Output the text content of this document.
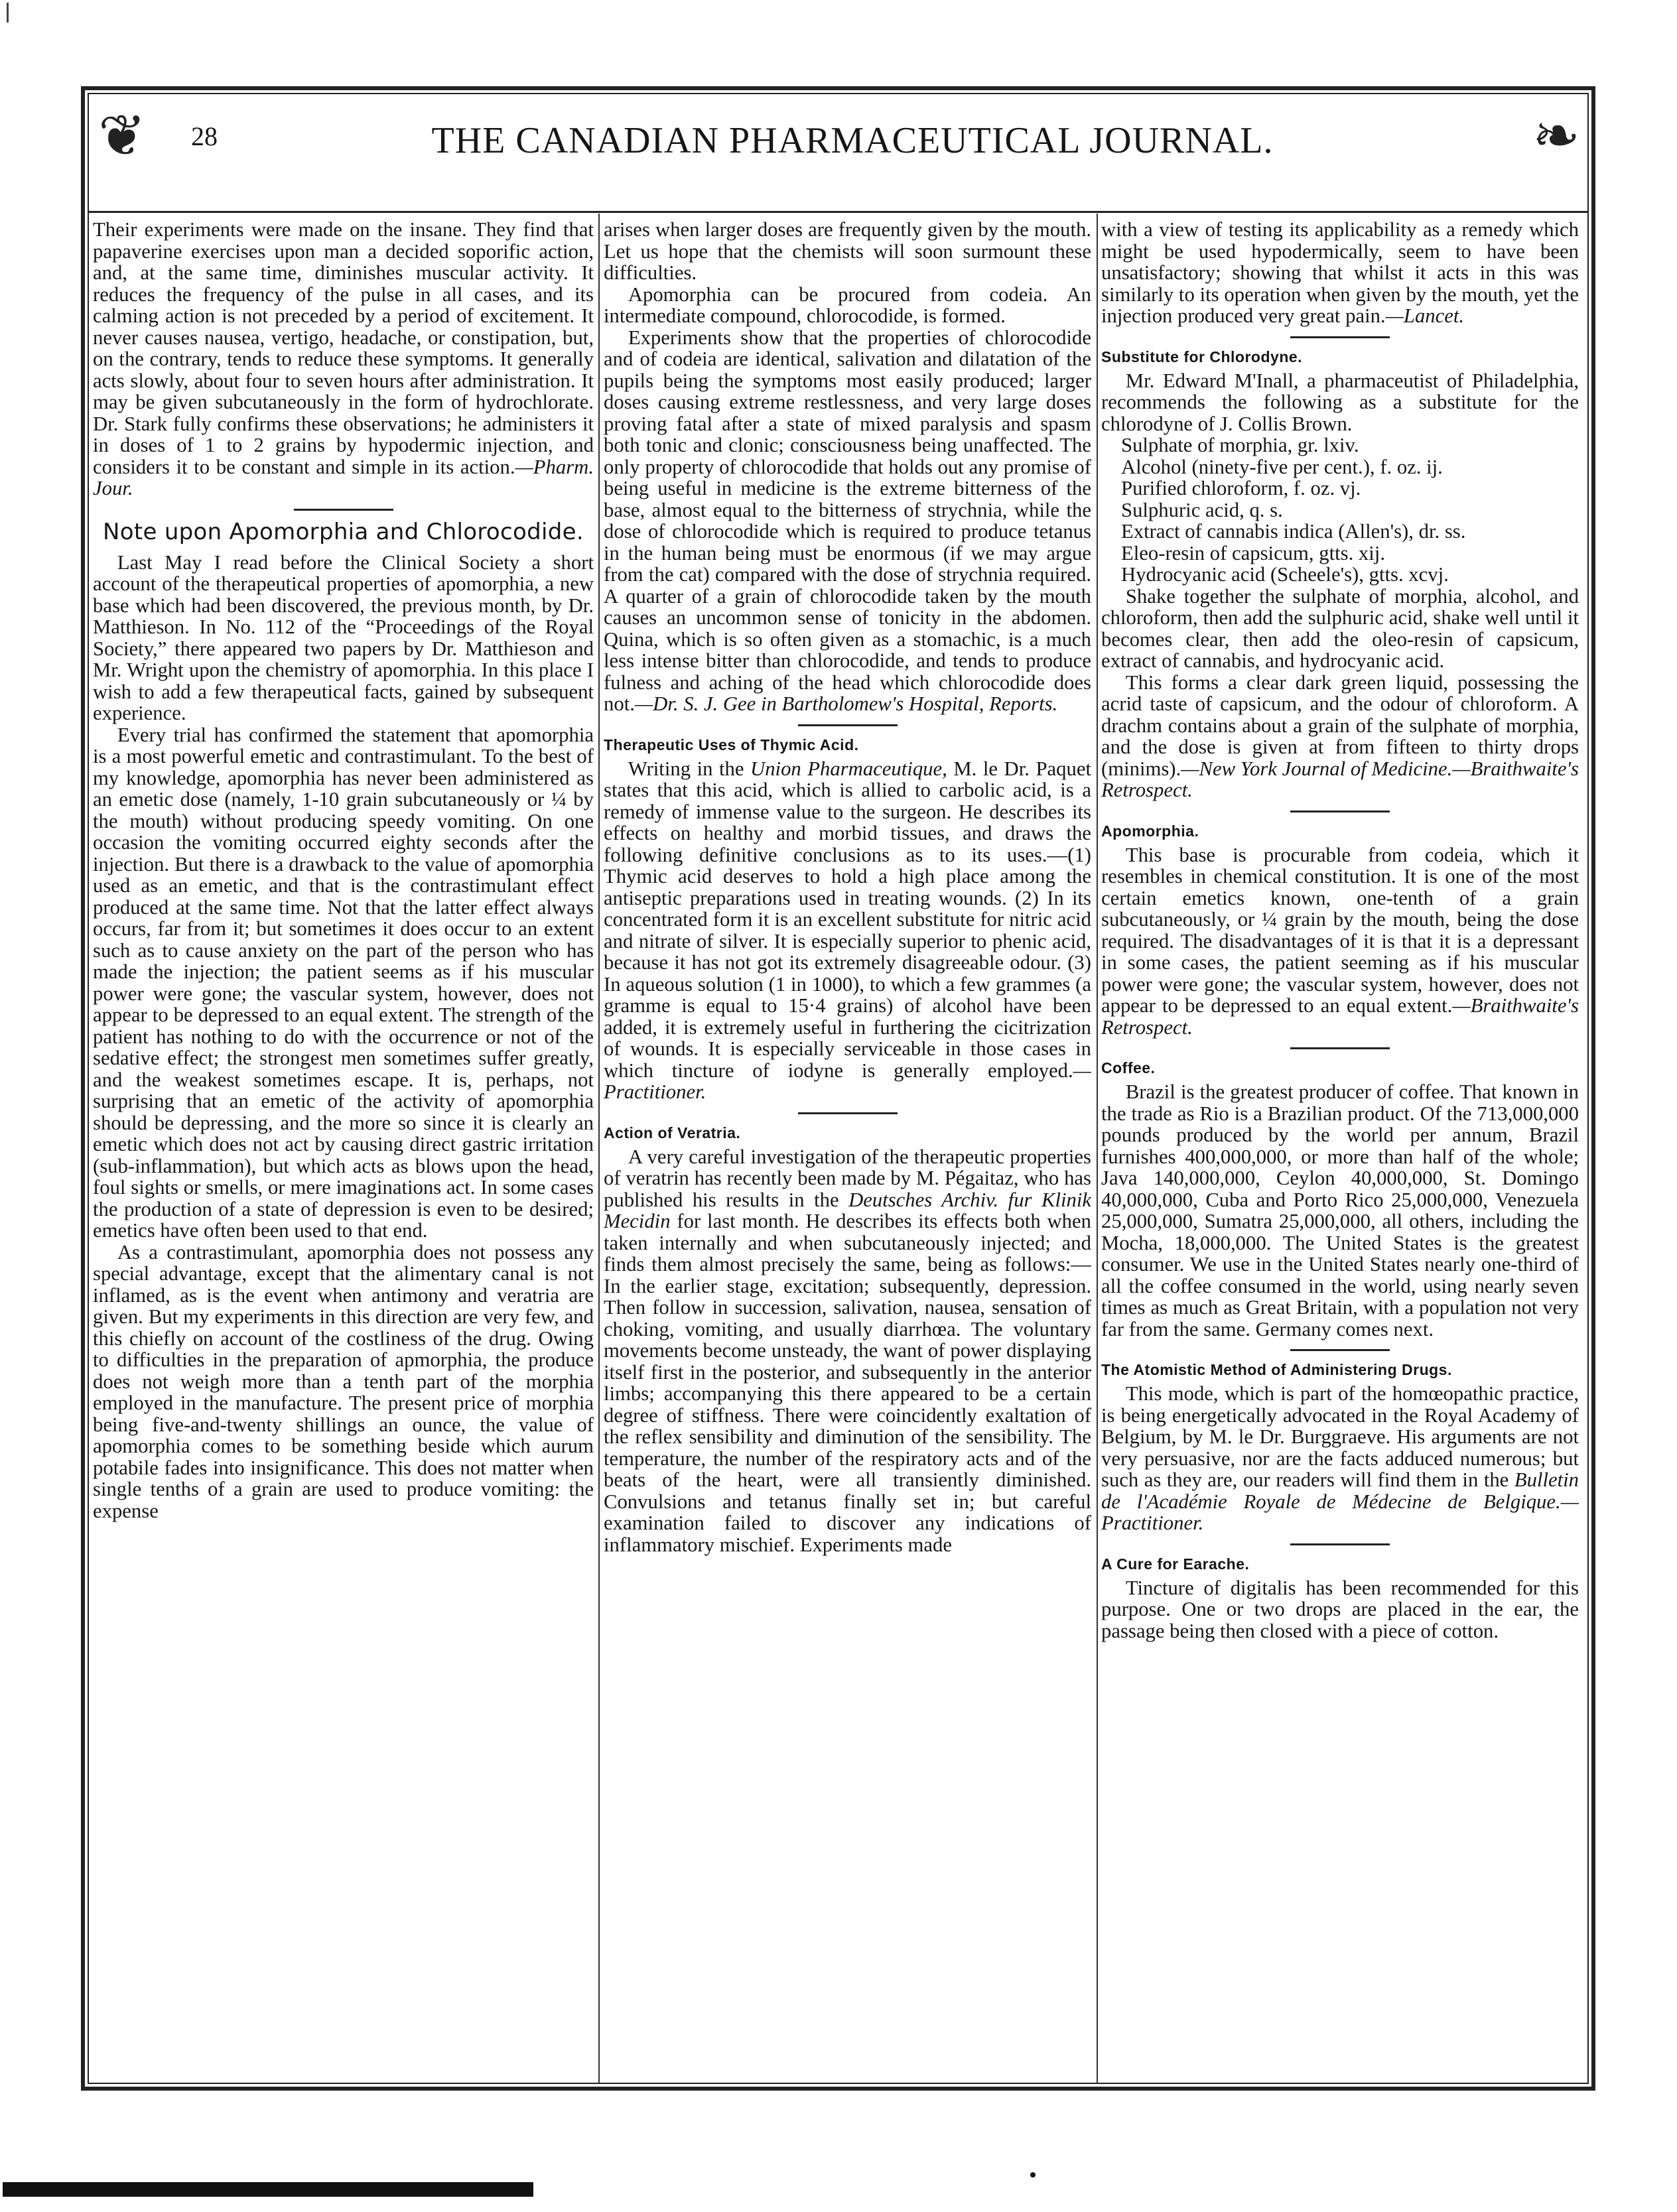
❦	❧
28	THE CANADIAN PHARMACEUTICAL JOURNAL.

Their experiments were made on the insane. They find that papaverine exercises upon man a decided soporific action, and, at the same time, diminishes muscular activity. It reduces the frequency of the pulse in all cases, and its calming action is not preceded by a period of excitement. It never causes nausea, vertigo, headache, or constipation, but, on the contrary, tends to reduce these symptoms. It generally acts slowly, about four to seven hours after administration. It may be given subcutaneously in the form of hydrochlorate. Dr. Stark fully confirms these observations; he administers it in doses of 1 to 2 grains by hypodermic injection, and considers it to be constant and simple in its action.—Pharm. Jour.

Note upon Apomorphia and Chlorocodide.

Last May I read before the Clinical Society a short account of the therapeutical properties of apomorphia, a new base which had been discovered, the previous month, by Dr. Matthieson. In No. 112 of the “Proceedings of the Royal Society,” there appeared two papers by Dr. Matthieson and Mr. Wright upon the chemistry of apomorphia. In this place I wish to add a few therapeutical facts, gained by subsequent experience.

Every trial has confirmed the statement that apomorphia is a most powerful emetic and contrastimulant. To the best of my knowledge, apomorphia has never been administered as an emetic dose (namely, 1-10 grain subcutaneously or ¼ by the mouth) without producing speedy vomiting. On one occasion the vomiting occurred eighty seconds after the injection. But there is a drawback to the value of apomorphia used as an emetic, and that is the contrastimulant effect produced at the same time. Not that the latter effect always occurs, far from it; but sometimes it does occur to an extent such as to cause anxiety on the part of the person who has made the injection; the patient seems as if his muscular power were gone; the vascular system, however, does not appear to be depressed to an equal extent. The strength of the patient has nothing to do with the occurrence or not of the sedative effect; the strongest men sometimes suffer greatly, and the weakest sometimes escape. It is, perhaps, not surprising that an emetic of the activity of apomorphia should be depressing, and the more so since it is clearly an emetic which does not act by causing direct gastric irritation (sub-inflammation), but which acts as blows upon the head, foul sights or smells, or mere imaginations act. In some cases the production of a state of depression is even to be desired; emetics have often been used to that end.

As a contrastimulant, apomorphia does not possess any special advantage, except that the alimentary canal is not inflamed, as is the event when antimony and veratria are given. But my experiments in this direction are very few, and this chiefly on account of the costliness of the drug. Owing to difficulties in the preparation of apmorphia, the produce does not weigh more than a tenth part of the morphia employed in the manufacture. The present price of morphia being five-and-twenty shillings an ounce, the value of apomorphia comes to be something beside which aurum potabile fades into insignificance. This does not matter when single tenths of a grain are used to produce vomiting: the expense

arises when larger doses are frequently given by the mouth. Let us hope that the chemists will soon surmount these difficulties.

Apomorphia can be procured from codeia. An intermediate compound, chlorocodide, is formed.

Experiments show that the properties of chlorocodide and of codeia are identical, salivation and dilatation of the pupils being the symptoms most easily produced; larger doses causing extreme restlessness, and very large doses proving fatal after a state of mixed paralysis and spasm both tonic and clonic; consciousness being unaffected. The only property of chlorocodide that holds out any promise of being useful in medicine is the extreme bitterness of the base, almost equal to the bitterness of strychnia, while the dose of chlorocodide which is required to produce tetanus in the human being must be enormous (if we may argue from the cat) compared with the dose of strychnia required. A quarter of a grain of chlorocodide taken by the mouth causes an uncommon sense of tonicity in the abdomen. Quina, which is so often given as a stomachic, is a much less intense bitter than chlorocodide, and tends to produce fulness and aching of the head which chlorocodide does not.—Dr. S. J. Gee in Bartholomew's Hospital, Reports.

Therapeutic Uses of Thymic Acid.

Writing in the Union Pharmaceutique, M. le Dr. Paquet states that this acid, which is allied to carbolic acid, is a remedy of immense value to the surgeon. He describes its effects on healthy and morbid tissues, and draws the following definitive conclusions as to its uses.—(1) Thymic acid deserves to hold a high place among the antiseptic preparations used in treating wounds. (2) In its concentrated form it is an excellent substitute for nitric acid and nitrate of silver. It is especially superior to phenic acid, because it has not got its extremely disagreeable odour. (3) In aqueous solution (1 in 1000), to which a few grammes (a gramme is equal to 15·4 grains) of alcohol have been added, it is extremely useful in furthering the cicitrization of wounds. It is especially serviceable in those cases in which tincture of iodyne is generally employed.—Practitioner.

Action of Veratria.

A very careful investigation of the therapeutic properties of veratrin has recently been made by M. Pégaitaz, who has published his results in the Deutsches Archiv. fur Klinik Mecidin for last month. He describes its effects both when taken internally and when subcutaneously injected; and finds them almost precisely the same, being as follows:—In the earlier stage, excitation; subsequently, depression. Then follow in succession, salivation, nausea, sensation of choking, vomiting, and usually diarrhœa. The voluntary movements become unsteady, the want of power displaying itself first in the posterior, and subsequently in the anterior limbs; accompanying this there appeared to be a certain degree of stiffness. There were coincidently exaltation of the reflex sensibility and diminution of the sensibility. The temperature, the number of the respiratory acts and of the beats of the heart, were all transiently diminished. Convulsions and tetanus finally set in; but careful examination failed to discover any indications of inflammatory mischief. Experiments made

with a view of testing its applicability as a remedy which might be used hypodermically, seem to have been unsatisfactory; showing that whilst it acts in this was similarly to its operation when given by the mouth, yet the injection produced very great pain.—Lancet.

Substitute for Chlorodyne.

Mr. Edward M'Inall, a pharmaceutist of Philadelphia, recommends the following as a substitute for the chlorodyne of J. Collis Brown.

Sulphate of morphia, gr. lxiv.
Alcohol (ninety-five per cent.), f. oz. ij.
Purified chloroform, f. oz. vj.
Sulphuric acid, q. s.
Extract of cannabis indica (Allen's), dr. ss.
Eleo-resin of capsicum, gtts. xij.
Hydrocyanic acid (Scheele's), gtts. xcvj.

Shake together the sulphate of morphia, alcohol, and chloroform, then add the sulphuric acid, shake well until it becomes clear, then add the oleo-resin of capsicum, extract of cannabis, and hydrocyanic acid.

This forms a clear dark green liquid, possessing the acrid taste of capsicum, and the odour of chloroform. A drachm contains about a grain of the sulphate of morphia, and the dose is given at from fifteen to thirty drops (minims).—New York Journal of Medicine.—Braithwaite's Retrospect.

Apomorphia.

This base is procurable from codeia, which it resembles in chemical constitution. It is one of the most certain emetics known, one-tenth of a grain subcutaneously, or ¼ grain by the mouth, being the dose required. The disadvantages of it is that it is a depressant in some cases, the patient seeming as if his muscular power were gone; the vascular system, however, does not appear to be depressed to an equal extent.—Braithwaite's Retrospect.

Coffee.

Brazil is the greatest producer of coffee. That known in the trade as Rio is a Brazilian product. Of the 713,000,000 pounds produced by the world per annum, Brazil furnishes 400,000,000, or more than half of the whole; Java 140,000,000, Ceylon 40,000,000, St. Domingo 40,000,000, Cuba and Porto Rico 25,000,000, Venezuela 25,000,000, Sumatra 25,000,000, all others, including the Mocha, 18,000,000. The United States is the greatest consumer. We use in the United States nearly one-third of all the coffee consumed in the world, using nearly seven times as much as Great Britain, with a population not very far from the same. Germany comes next.

The Atomistic Method of Administering Drugs.

This mode, which is part of the homœopathic practice, is being energetically advocated in the Royal Academy of Belgium, by M. le Dr. Burggraeve. His arguments are not very persuasive, nor are the facts adduced numerous; but such as they are, our readers will find them in the Bulletin de l'Académie Royale de Médecine de Belgique.—Practitioner.

A Cure for Earache.

Tincture of digitalis has been recommended for this purpose. One or two drops are placed in the ear, the passage being then closed with a piece of cotton.
